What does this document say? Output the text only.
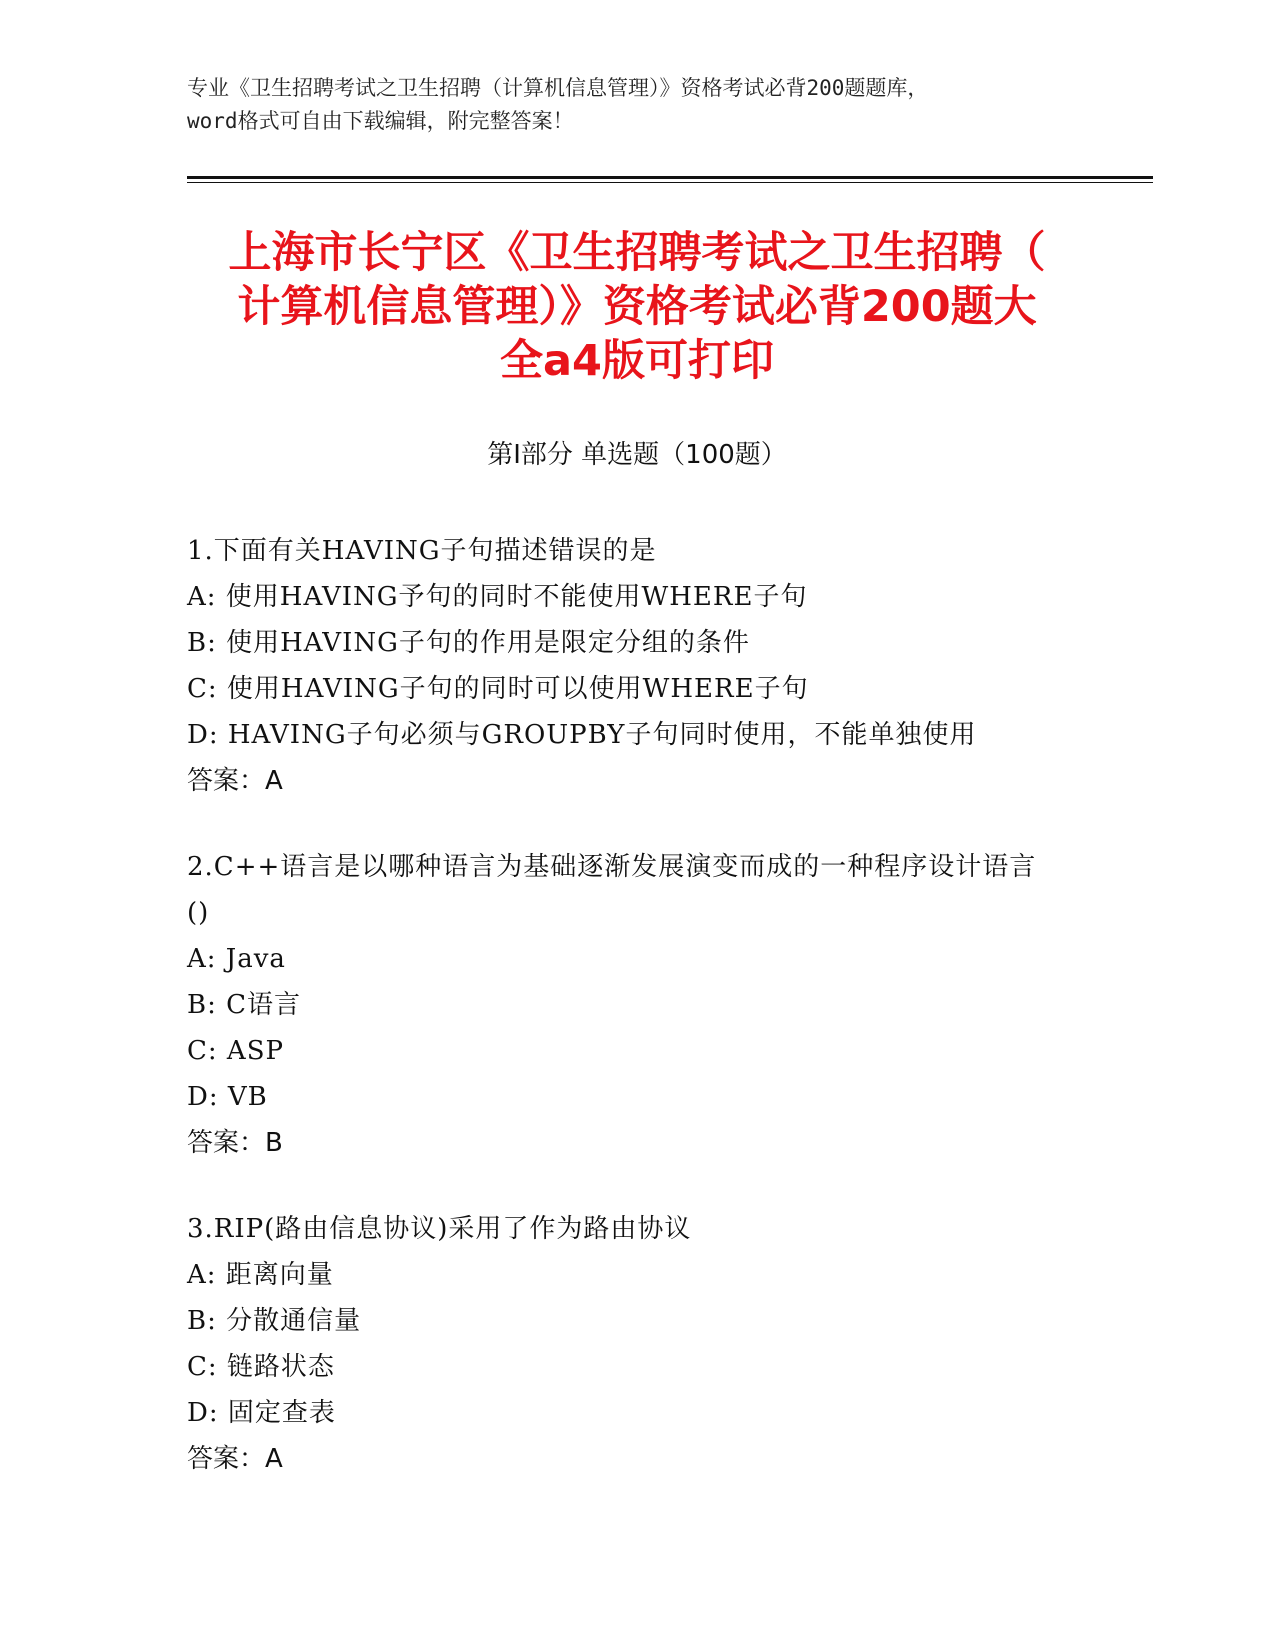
专业《卫生招聘考试之卫生招聘（计算机信息管理）》资格考试必背200题题库，
word格式可自由下载编辑，附完整答案！
上海市长宁区《卫生招聘考试之卫生招聘（
计算机信息管理）》资格考试必背200题大
全a4版可打印
第I部分 单选题（100题）
1.下面有关HAVING子句描述错误的是
A: 使用HAVING予句的同时不能使用WHERE子句
B: 使用HAVING子句的作用是限定分组的条件
C: 使用HAVING子句的同时可以使用WHERE子句
D: HAVING子句必须与GROUPBY子句同时使用，不能单独使用
答案：A
2.C++语言是以哪种语言为基础逐渐发展演变而成的一种程序设计语言
()
A: Java
B: C语言
C: ASP
D: VB
答案：B
3.RIP(路由信息协议)采用了作为路由协议
A: 距离向量
B: 分散通信量
C: 链路状态
D: 固定查表
答案：A
